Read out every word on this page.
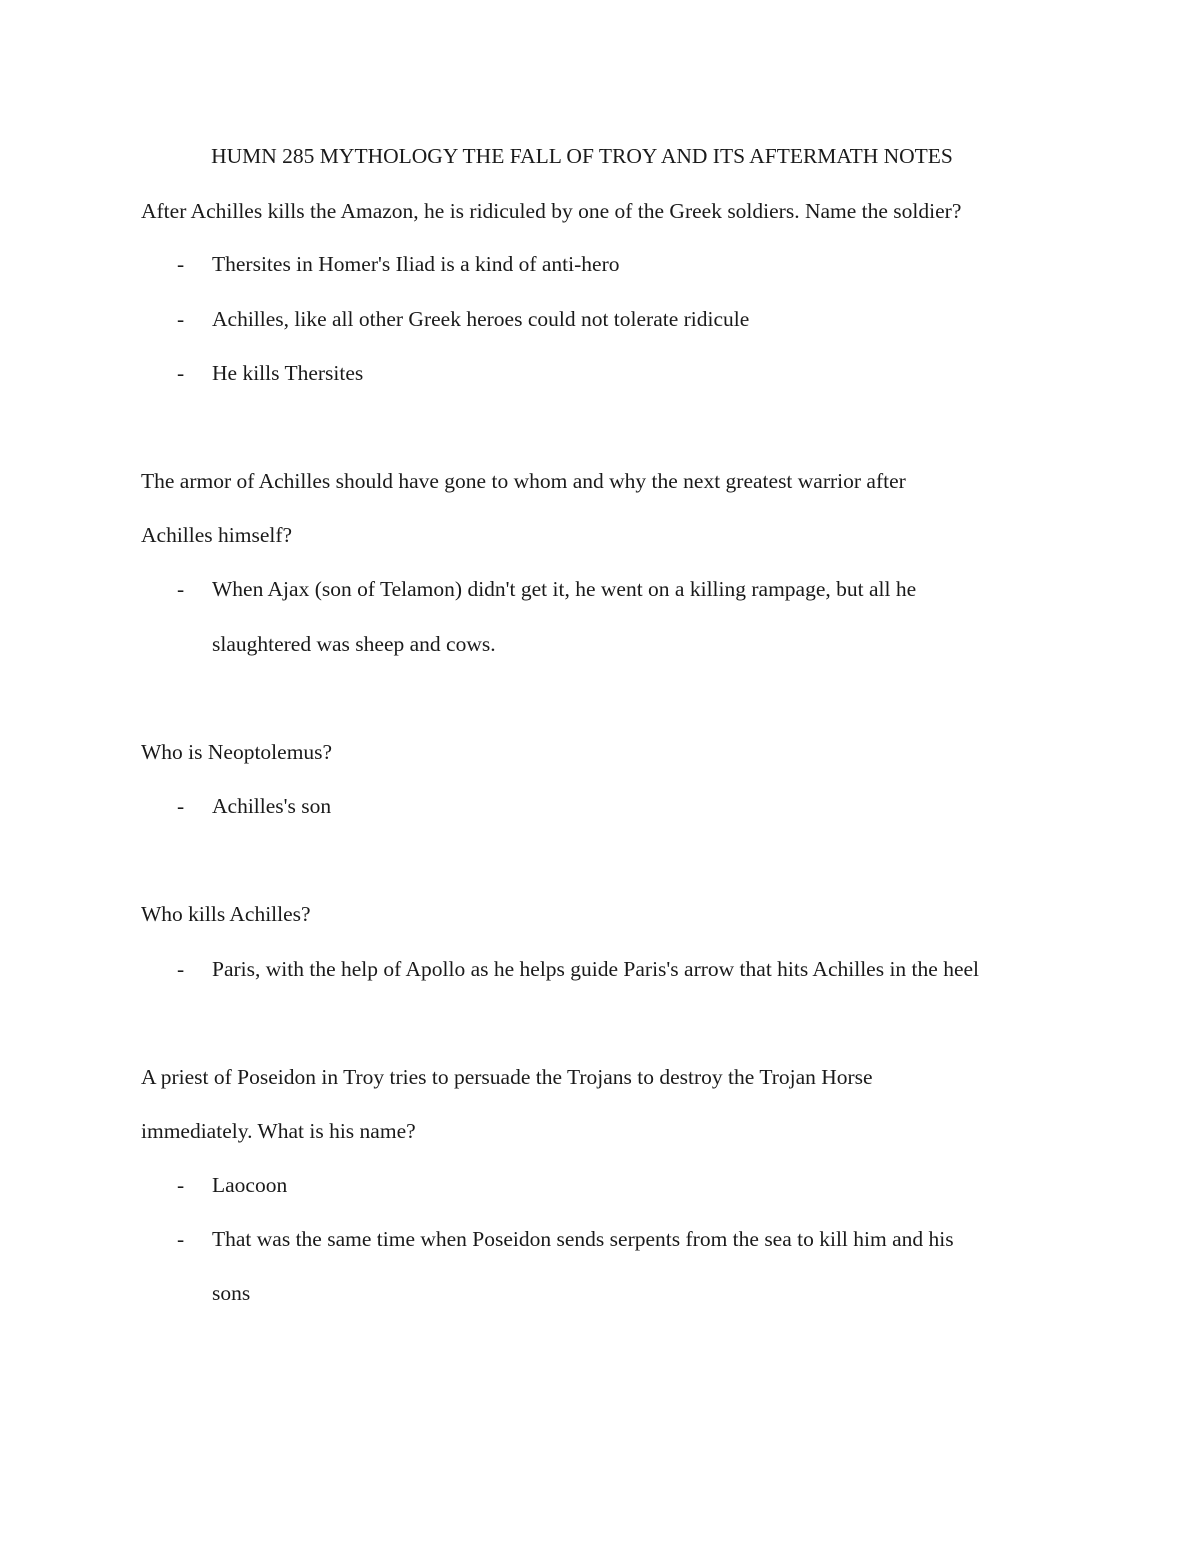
HUMN 285 MYTHOLOGY THE FALL OF TROY AND ITS AFTERMATH NOTES

After Achilles kills the Amazon, he is ridiculed by one of the Greek soldiers. Name the soldier?

- Thersites in Homer's Iliad is a kind of anti-hero
- Achilles, like all other Greek heroes could not tolerate ridicule
- He kills Thersites

The armor of Achilles should have gone to whom and why the next greatest warrior after

Achilles himself?

- When Ajax (son of Telamon) didn't get it, he went on a killing rampage, but all he

slaughtered was sheep and cows.

Who is Neoptolemus?

- Achilles's son

Who kills Achilles?

- Paris, with the help of Apollo as he helps guide Paris's arrow that hits Achilles in the heel

A priest of Poseidon in Troy tries to persuade the Trojans to destroy the Trojan Horse

immediately. What is his name?

- Laocoon
- That was the same time when Poseidon sends serpents from the sea to kill him and his

sons
